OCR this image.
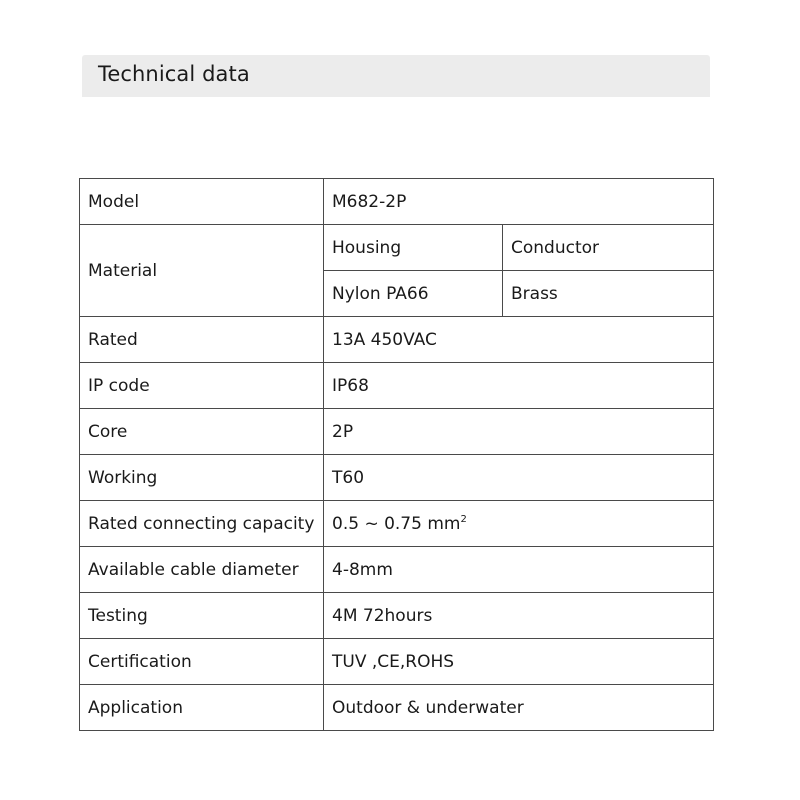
Technical data
Model	M682-2P	
Material	Housing	Conductor
	Nylon PA66	Brass
Rated	13A 450VAC	
IP code	IP68	
Core	2P	
Working	T60	
Rated connecting capacity	0.5 ~ 0.75 $mm^2$
Available cable diameter	4-8mm	
Testing	4M 72hours	
Certification	TUV ,CE,ROHS	
Application	Outdoor & underwater	
